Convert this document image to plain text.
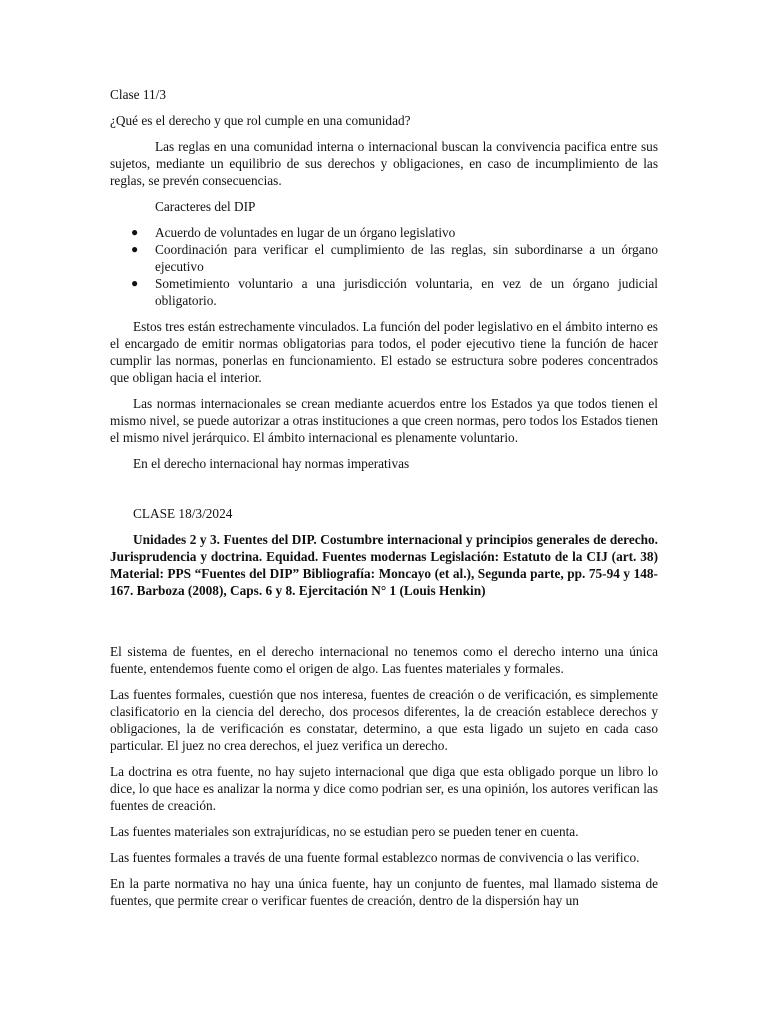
Clase 11/3

¿Qué es el derecho y que rol cumple en una comunidad?

Las reglas en una comunidad interna o internacional buscan la convivencia pacifica entre sus sujetos, mediante un equilibrio de sus derechos y obligaciones, en caso de incumplimiento de las reglas, se prevén consecuencias.

Caracteres del DIP

● Acuerdo de voluntades en lugar de un órgano legislativo
● Coordinación para verificar el cumplimiento de las reglas, sin subordinarse a un órgano ejecutivo
● Sometimiento voluntario a una jurisdicción voluntaria, en vez de un órgano judicial obligatorio.

Estos tres están estrechamente vinculados. La función del poder legislativo en el ámbito interno es el encargado de emitir normas obligatorias para todos, el poder ejecutivo tiene la función de hacer cumplir las normas, ponerlas en funcionamiento. El estado se estructura sobre poderes concentrados que obligan hacia el interior.

Las normas internacionales se crean mediante acuerdos entre los Estados ya que todos tienen el mismo nivel, se puede autorizar a otras instituciones a que creen normas, pero todos los Estados tienen el mismo nivel jerárquico. El ámbito internacional es plenamente voluntario.

En el derecho internacional hay normas imperativas

CLASE 18/3/2024

Unidades 2 y 3. Fuentes del DIP. Costumbre internacional y principios generales de derecho. Jurisprudencia y doctrina. Equidad. Fuentes modernas Legislación: Estatuto de la CIJ (art. 38) Material: PPS “Fuentes del DIP” Bibliografía: Moncayo (et al.), Segunda parte, pp. 75-94 y 148-167. Barboza (2008), Caps. 6 y 8. Ejercitación N° 1 (Louis Henkin)

El sistema de fuentes, en el derecho internacional no tenemos como el derecho interno una única fuente, entendemos fuente como el origen de algo. Las fuentes materiales y formales.

Las fuentes formales, cuestión que nos interesa, fuentes de creación o de verificación, es simplemente clasificatorio en la ciencia del derecho, dos procesos diferentes, la de creación establece derechos y obligaciones, la de verificación es constatar, determino, a que esta ligado un sujeto en cada caso particular. El juez no crea derechos, el juez verifica un derecho.

La doctrina es otra fuente, no hay sujeto internacional que diga que esta obligado porque un libro lo dice, lo que hace es analizar la norma y dice como podrian ser, es una opinión, los autores verifican las fuentes de creación.

Las fuentes materiales son extrajurídicas, no se estudian pero se pueden tener en cuenta.

Las fuentes formales a través de una fuente formal establezco normas de convivencia o las verifico.

En la parte normativa no hay una única fuente, hay un conjunto de fuentes, mal llamado sistema de fuentes, que permite crear o verificar fuentes de creación, dentro de la dispersión hay un
